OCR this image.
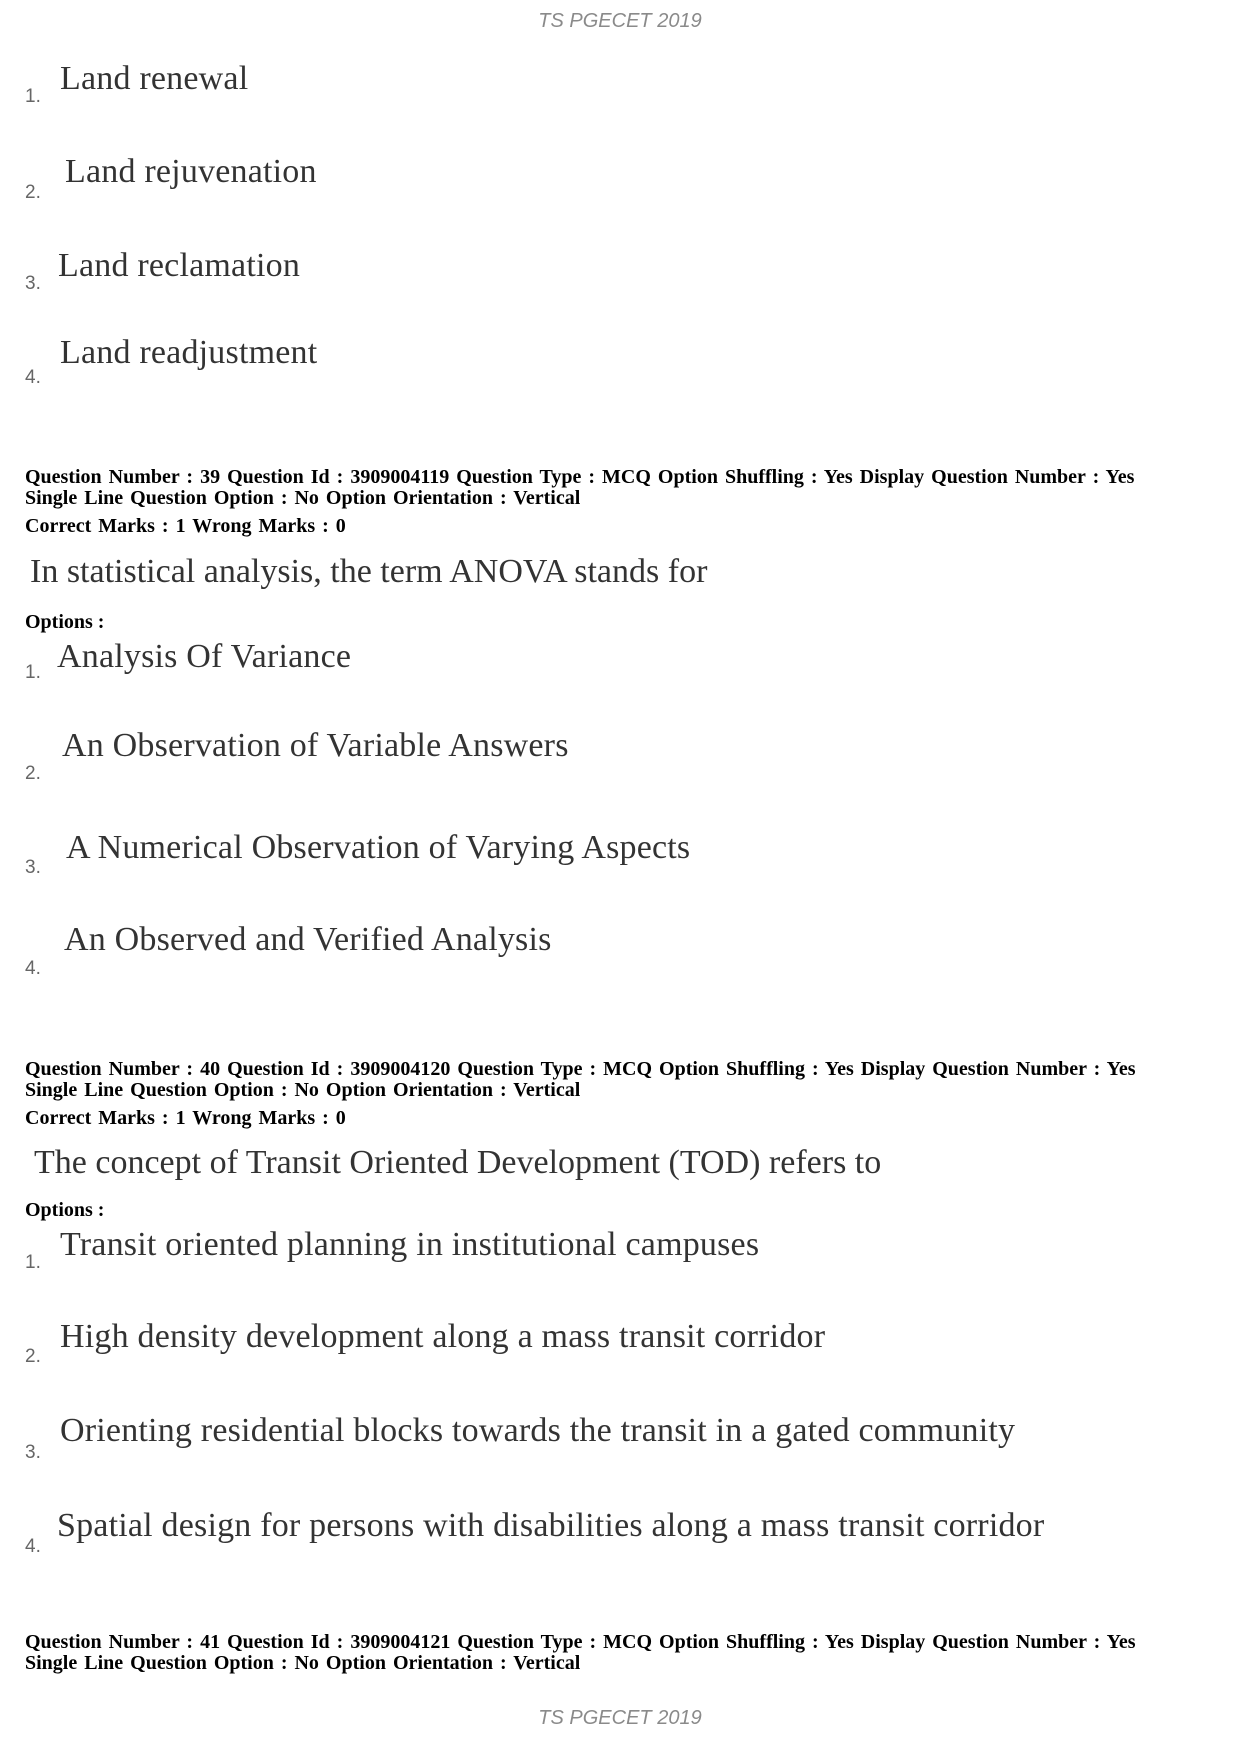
TS PGECET 2019
1. Land renewal
2.
Land rejuvenation
3. Land reclamation
4.
Land readjustment
Question Number : 39 Question Id : 3909004119 Question Type : MCQ Option Shuffling : Yes Display Question Number : Yes
Single Line Question Option : No Option Orientation : Vertical
Correct Marks : 1 Wrong Marks : 0
In statistical analysis, the term ANOVA stands for
Options :
1. Analysis Of Variance
2.
An Observation of Variable Answers
3.
A Numerical Observation of Varying Aspects
4.
An Observed and Verified Analysis
Question Number : 40 Question Id : 3909004120 Question Type : MCQ Option Shuffling : Yes Display Question Number : Yes
Single Line Question Option : No Option Orientation : Vertical
Correct Marks : 1 Wrong Marks : 0
The concept of Transit Oriented Development (TOD) refers to
Options :
1. Transit oriented planning in institutional campuses
2.
High density development along a mass transit corridor
3.
Orienting residential blocks towards the transit in a gated community
4.
Spatial design for persons with disabilities along a mass transit corridor
Question Number : 41 Question Id : 3909004121 Question Type : MCQ Option Shuffling : Yes Display Question Number : Yes
Single Line Question Option : No Option Orientation : Vertical
TS PGECET 2019
